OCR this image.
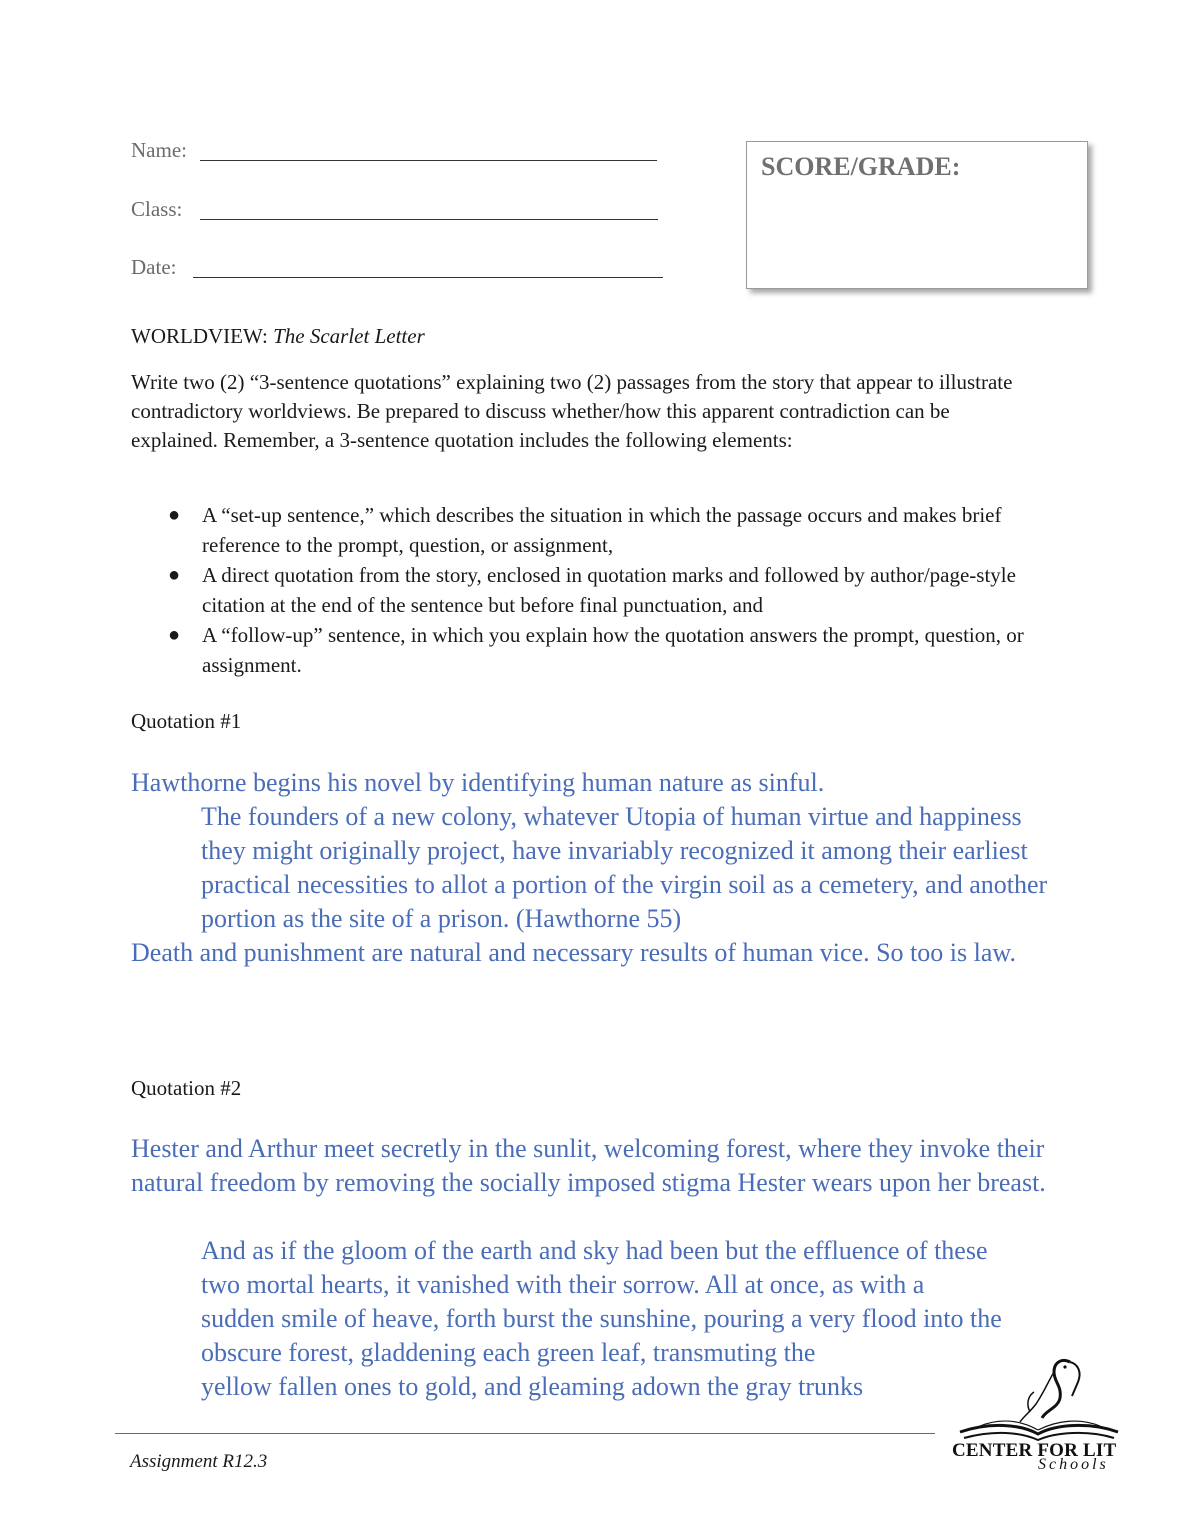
Name:
Class:
Date:
SCORE/GRADE:
WORLDVIEW: The Scarlet Letter
Write two (2) “3-sentence quotations” explaining two (2) passages from the story that appear to illustrate contradictory worldviews. Be prepared to discuss whether/how this apparent contradiction can be explained. Remember, a 3-sentence quotation includes the following elements:
● A “set-up sentence,” which describes the situation in which the passage occurs and makes brief reference to the prompt, question, or assignment,
● A direct quotation from the story, enclosed in quotation marks and followed by author/page-style citation at the end of the sentence but before final punctuation, and
● A “follow-up” sentence, in which you explain how the quotation answers the prompt, question, or assignment.
Quotation #1
Hawthorne begins his novel by identifying human nature as sinful.
The founders of a new colony, whatever Utopia of human virtue and happiness they might originally project, have invariably recognized it among their earliest practical necessities to allot a portion of the virgin soil as a cemetery, and another portion as the site of a prison. (Hawthorne 55)
Death and punishment are natural and necessary results of human vice. So too is law.
Quotation #2
Hester and Arthur meet secretly in the sunlit, welcoming forest, where they invoke their natural freedom by removing the socially imposed stigma Hester wears upon her breast.
And as if the gloom of the earth and sky had been but the effluence of these
two mortal hearts, it vanished with their sorrow. All at once, as with a
sudden smile of heave, forth burst the sunshine, pouring a very flood into the
obscure forest, gladdening each green leaf, transmuting the
yellow fallen ones to gold, and gleaming adown the gray trunks
Assignment R12.3
CENTER FOR LIT
Schools
